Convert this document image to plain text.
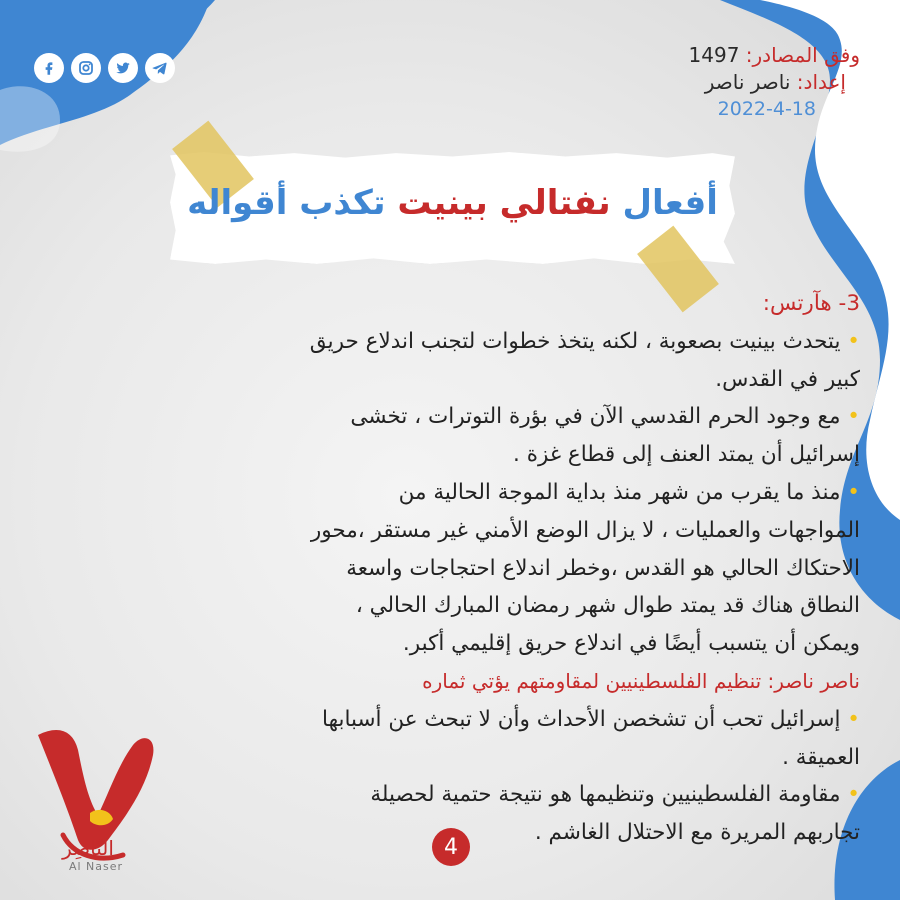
وفق المصادر: 1497
إعداد: ناصر ناصر
2022-4-18
أفعال نفتالي بينيت تكذب أقواله
3- هآرتس:
• يتحدث بينيت بصعوبة ، لكنه يتخذ خطوات لتجنب اندلاع حريق
كبير في القدس.
• مع وجود الحرم القدسي الآن في بؤرة التوترات ، تخشى
إسرائيل أن يمتد العنف إلى قطاع غزة .
• منذ ما يقرب من شهر منذ بداية الموجة الحالية من
المواجهات والعمليات ، لا يزال الوضع الأمني غير مستقر ،محور
الاحتكاك الحالي هو القدس ،وخطر اندلاع احتجاجات واسعة
النطاق هناك قد يمتد طوال شهر رمضان المبارك الحالي ،
ويمكن أن يتسبب أيضًا في اندلاع حريق إقليمي أكبر.
ناصر ناصر: تنظيم الفلسطينيين لمقاومتهم يؤتي ثماره
• إسرائيل تحب أن تشخصن الأحداث وأن لا تبحث عن أسبابها
العميقة .
• مقاومة الفلسطينيين وتنظيمها هو نتيجة حتمية لحصيلة
تجاربهم المريرة مع الاحتلال الغاشم .
4
النّاصِر
Al Naser
